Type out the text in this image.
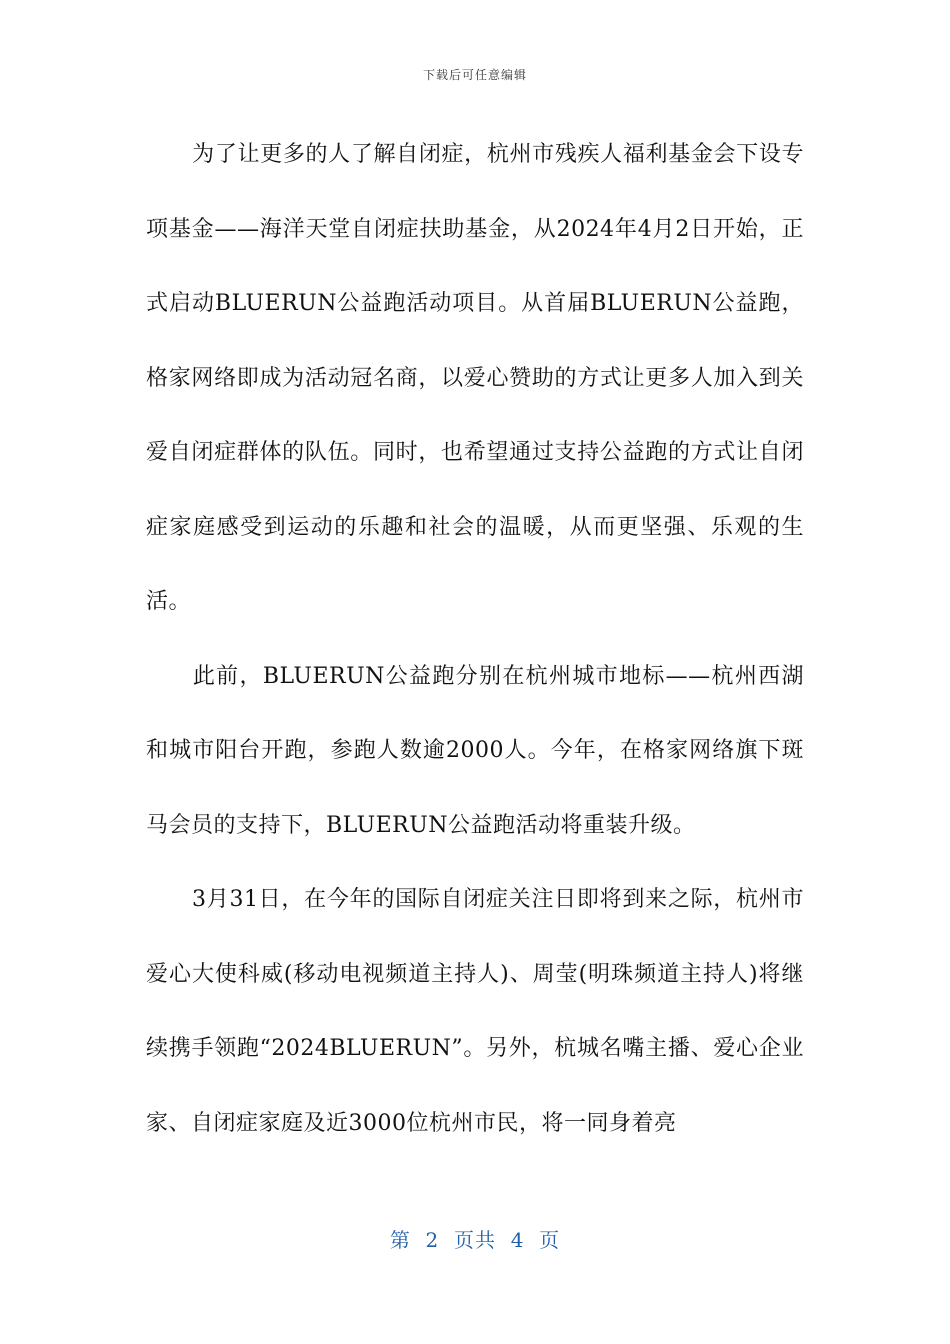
下载后可任意编辑

为了让更多的人了解自闭症，杭州市残疾人福利基金会下设专项基金——海洋天堂自闭症扶助基金，从2024年4月2日开始，正式启动BLUERUN公益跑活动项目。从首届BLUERUN公益跑，格家网络即成为活动冠名商，以爱心赞助的方式让更多人加入到关爱自闭症群体的队伍。同时，也希望通过支持公益跑的方式让自闭症家庭感受到运动的乐趣和社会的温暖，从而更坚强、乐观的生活。

此前，BLUERUN公益跑分别在杭州城市地标——杭州西湖和城市阳台开跑，参跑人数逾2000人。今年，在格家网络旗下斑马会员的支持下，BLUERUN公益跑活动将重装升级。

3月31日，在今年的国际自闭症关注日即将到来之际，杭州市爱心大使科威(移动电视频道主持人)、周莹(明珠频道主持人)将继续携手领跑“2024BLUERUN”。另外，杭城名嘴主播、爱心企业家、自闭症家庭及近3000位杭州市民，将一同身着亮

第  2  页共  4  页
